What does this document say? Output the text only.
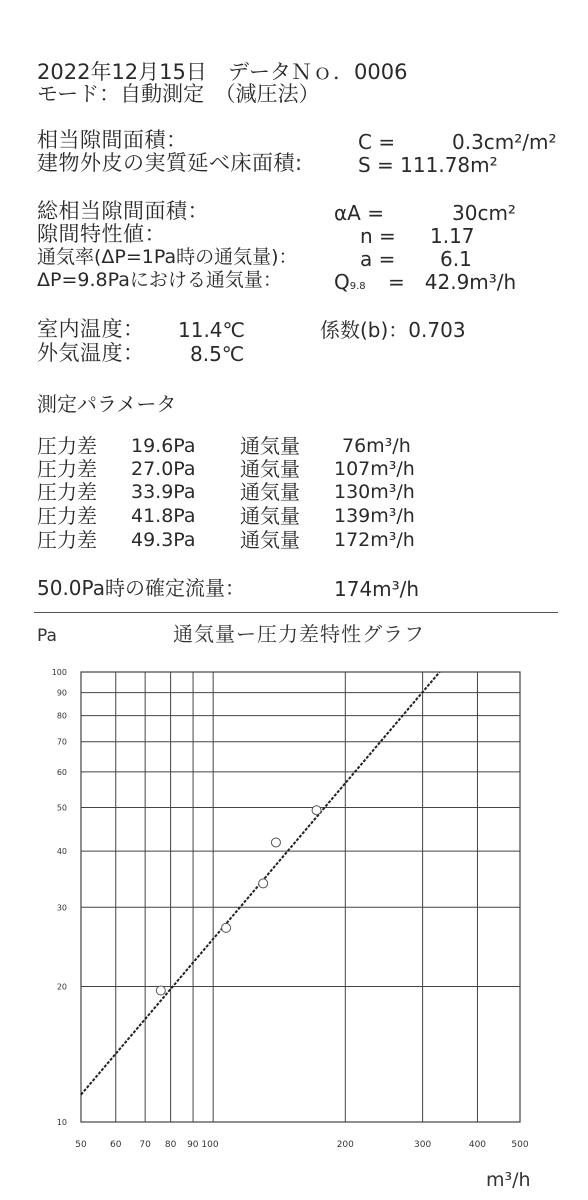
2022年12月15日 データＮｏ．0006
モード：自動測定　（減圧法）
相当隙間面積：	C =	0.3cm²/m²
建物外皮の実質延べ床面積:	S = 111.78m²
総相当隙間面積：	αA =	30cm²
隙間特性値：	n = 1.17
通気率(ΔP=1Pa時の通気量)：	a = 6.1
ΔP=9.8Paにおける通気量：	Q9.8 =　42.9m³/h
室内温度： 11.4℃	係数(b)：0.703
外気温度： 8.5℃
測定パラメータ
圧力差 19.6Pa 通気量 76m³/h
圧力差 27.0Pa 通気量 107m³/h
圧力差 33.9Pa 通気量 130m³/h
圧力差 41.8Pa 通気量 139m³/h
圧力差 49.3Pa 通気量 172m³/h
50.0Pa時の確定流量：	174m³/h
Pa	通気量ー圧力差特性グラフ
m³/h
50	60 70 80 90 100	200	300	400	500
10
20
30
40
50
60
70
80
90
100
